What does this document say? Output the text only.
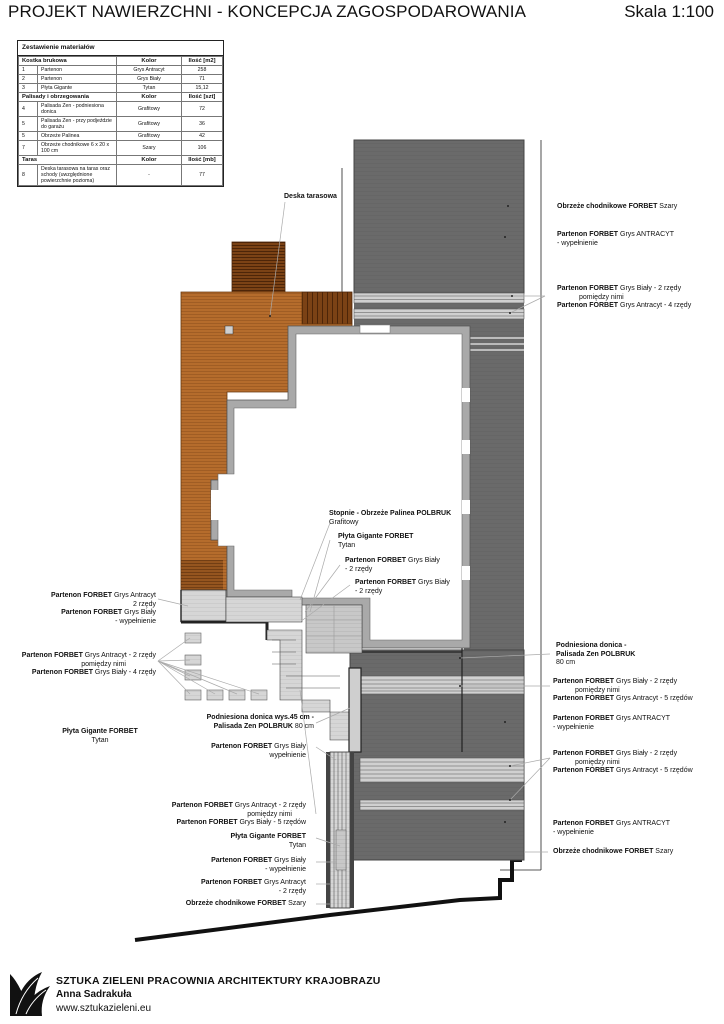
PROJEKT NAWIERZCHNI - KONCEPCJA ZAGOSPODAROWANIA	Skala 1:100
Zestawienie materiałów
Kostka brukowa		Kolor	Ilość [m2]
1	Partenon	Grys Antracyt	258
2	Partenon	Grys Biały	71
3	Płyta Gigante	Tytan	15,12
Palisady i obrzegowania		Kolor	Ilość [szt]
4	Palisada Zen - podniesiona donica	Grafitowy	72
5	Palisada Zen - przy podjeździe do garażu	Grafitowy	36
5	Obrzeże Palinea	Grafitowy	42
7	Obrzeże chodnikowe 6 x 20 x 100 cm	Szary	106
Taras		Kolor	Ilość [mb]
8	Deska tarasowa na taras oraz schody (uwzględnione powierzchnie pozioma)	-	77
Obrzeże chodnikowe FORBET Szary
Partenon FORBET Grys ANTRACYT
- wypełnienie
Partenon FORBET Grys Biały - 2 rzędy
pomiędzy nimi
Partenon FORBET Grys Antracyt - 4 rzędy
Podniesiona donica -
Palisada Zen POLBRUK
80 cm
Partenon FORBET Grys Biały - 2 rzędy
pomiędzy nimi
Partenon FORBET Grys Antracyt - 5 rzędów
Partenon FORBET Grys ANTRACYT
- wypełnienie
Partenon FORBET Grys Biały - 2 rzędy
pomiędzy nimi
Partenon FORBET Grys Antracyt - 5 rzędów
Partenon FORBET Grys ANTRACYT
- wypełnienie
Obrzeże chodnikowe FORBET Szary
Deska tarasowa
Stopnie - Obrzeże Palinea POLBRUK
Grafitowy
Płyta Gigante FORBET
Tytan
Partenon FORBET Grys Biały
- 2 rzędy
Partenon FORBET Grys Biały
- 2 rzędy
Partenon FORBET Grys Antracyt
2 rzędy
Partenon FORBET Grys Biały
- wypełnienie
Partenon FORBET Grys Antracyt - 2 rzędy
pomiędzy nimi
Partenon FORBET Grys Biały - 4 rzędy
Płyta Gigante FORBET
Tytan
Podniesiona donica wys.45 cm -
Palisada Zen POLBRUK 80 cm
Partenon FORBET Grys Biały
wypełnienie
Partenon FORBET Grys Antracyt - 2 rzędy
pomiędzy nimi
Partenon FORBET Grys Biały - 5 rzędów
Płyta Gigante FORBET
Tytan
Partenon FORBET Grys Biały
- wypełnienie
Partenon FORBET Grys Antracyt
- 2 rzędy
Obrzeże chodnikowe FORBET Szary
SZTUKA ZIELENI PRACOWNIA ARCHITEKTURY KRAJOBRAZU
Anna Sadrakuła
www.sztukazieleni.eu
